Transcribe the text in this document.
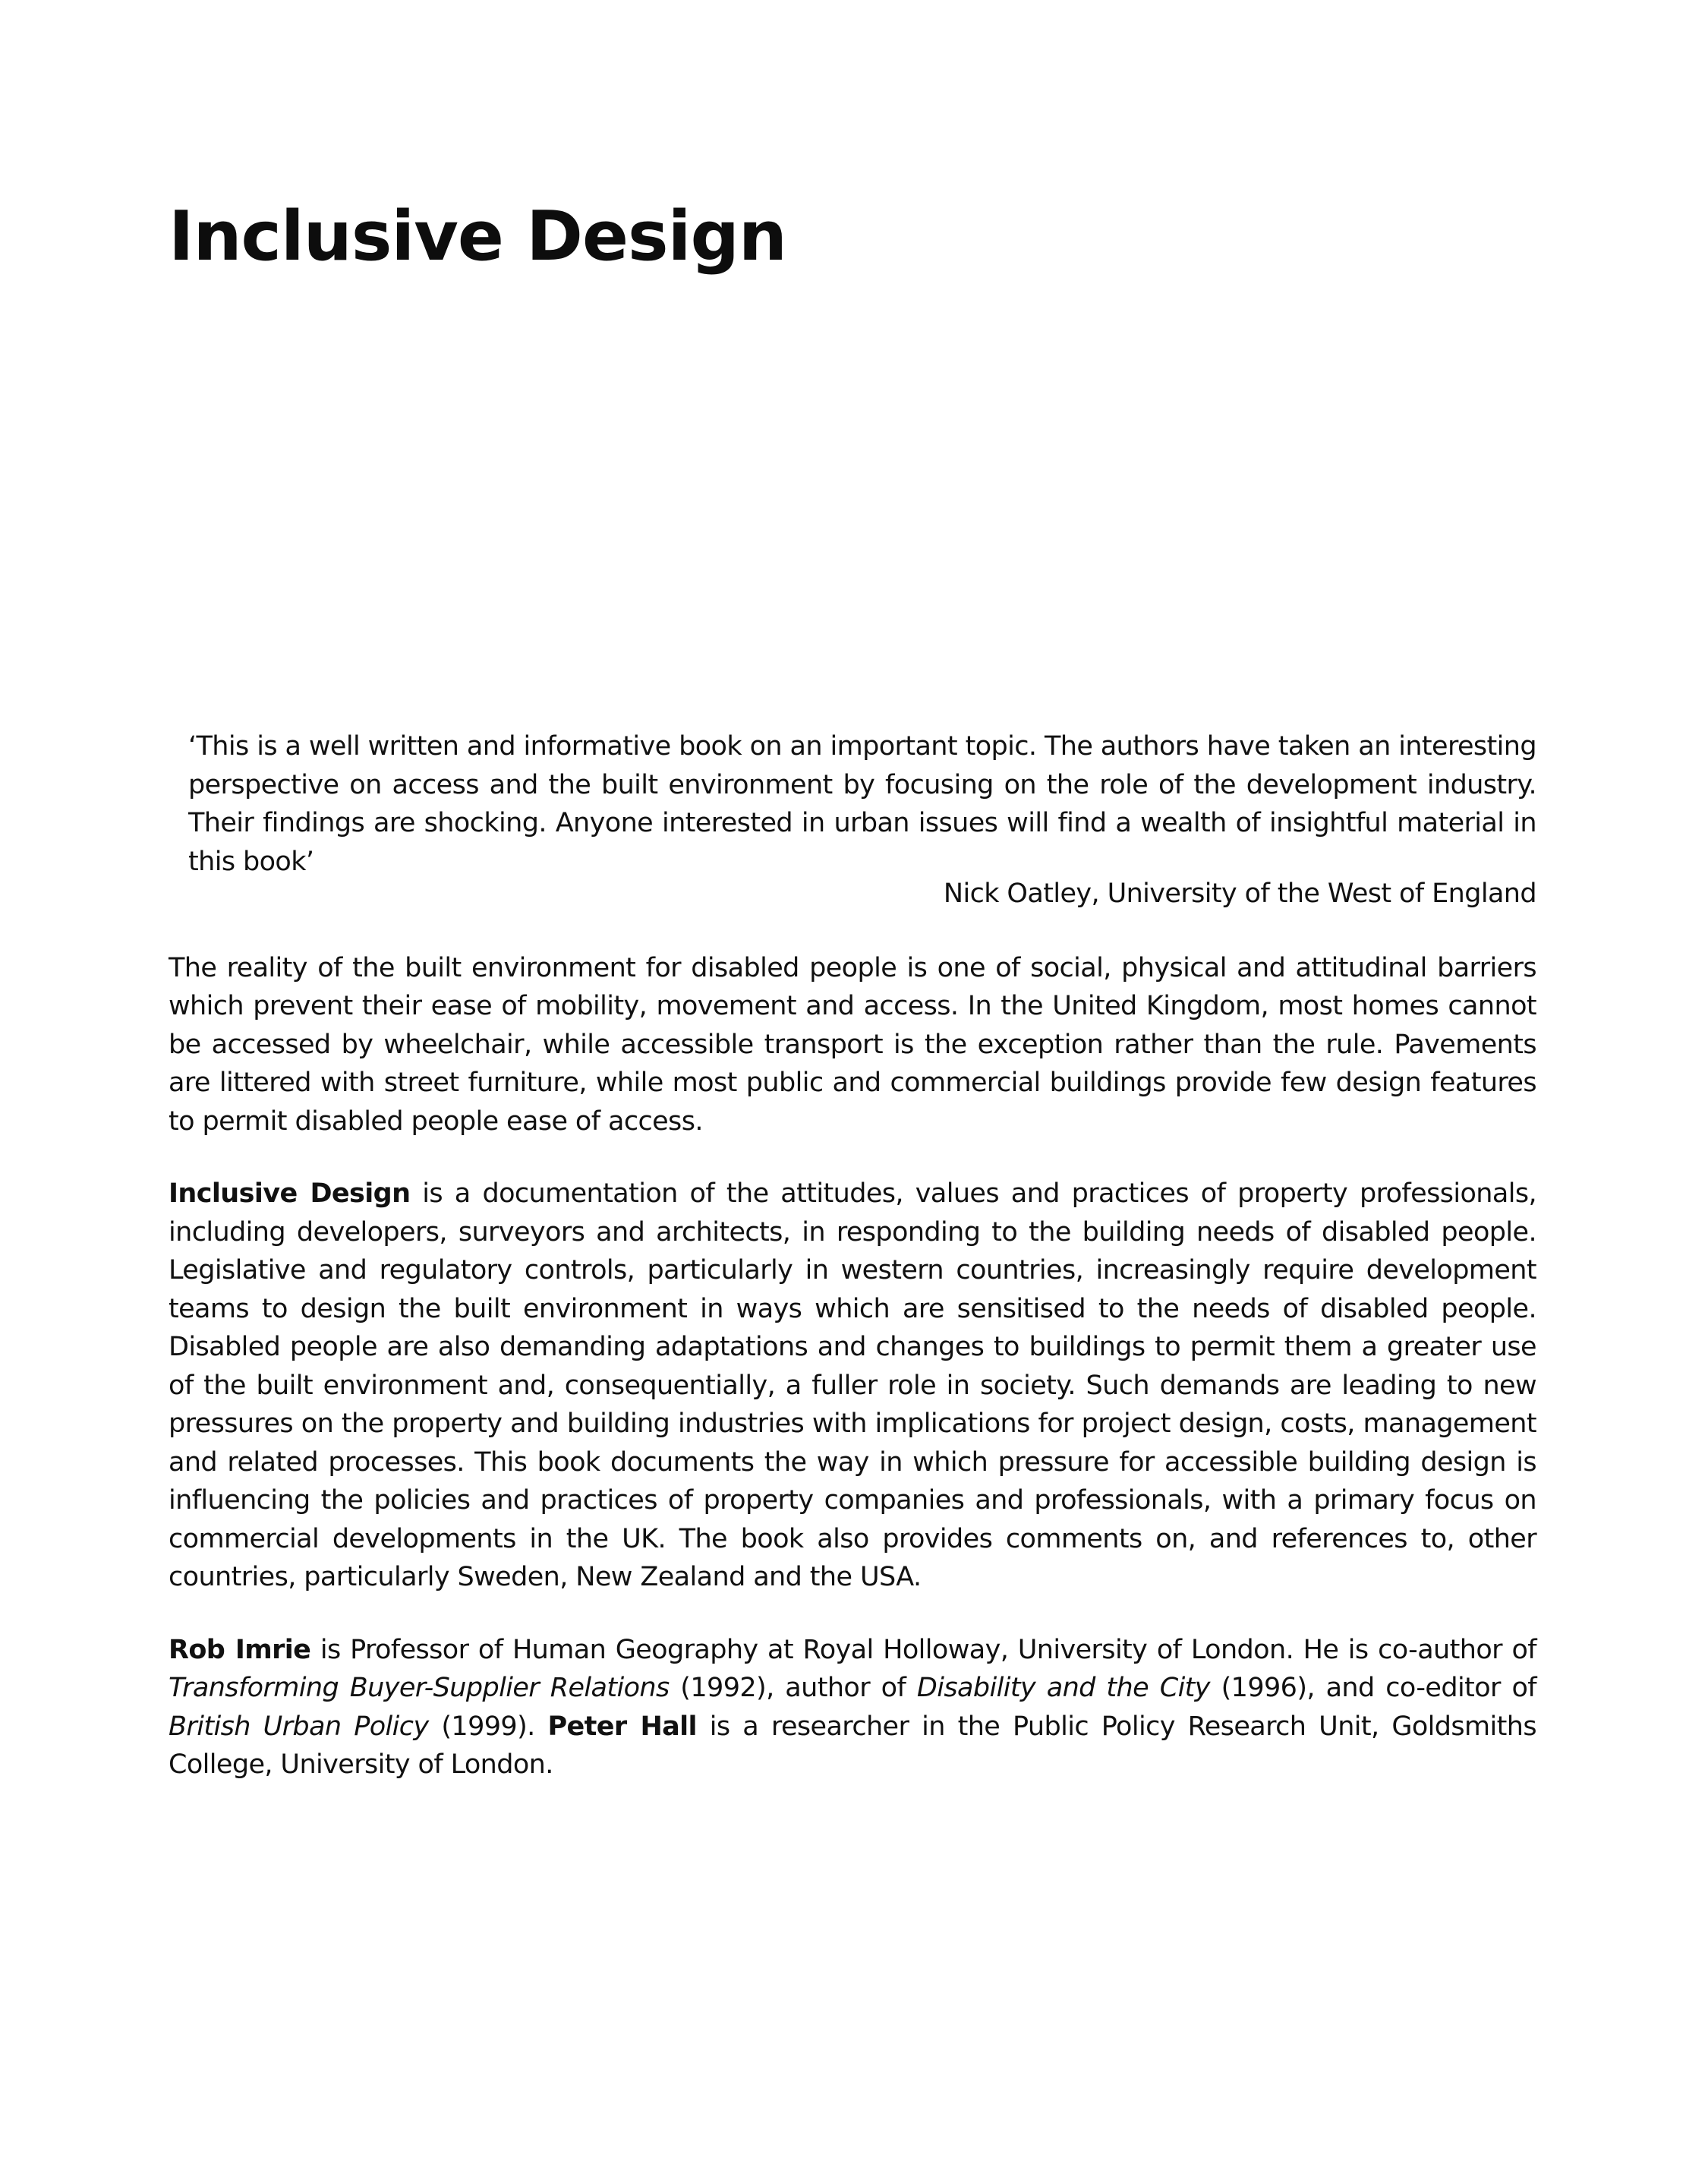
Inclusive Design

‘This is a well written and informative book on an important topic. The authors have taken an interesting perspective on access and the built environment by focusing on the role of the development industry. Their findings are shocking. Anyone interested in urban issues will find a wealth of insightful material in this book’

Nick Oatley, University of the West of England

The reality of the built environment for disabled people is one of social, physical and attitudinal barriers which prevent their ease of mobility, movement and access. In the United Kingdom, most homes cannot be accessed by wheelchair, while accessible transport is the exception rather than the rule. Pavements are littered with street furniture, while most public and commercial buildings provide few design features to permit disabled people ease of access.

Inclusive Design is a documentation of the attitudes, values and practices of property professionals, including developers, surveyors and architects, in responding to the building needs of disabled people. Legislative and regulatory controls, particularly in western countries, increasingly require development teams to design the built environment in ways which are sensitised to the needs of disabled people. Disabled people are also demanding adaptations and changes to buildings to permit them a greater use of the built environment and, consequentially, a fuller role in society. Such demands are leading to new pressures on the property and building industries with implications for project design, costs, management and related processes. This book documents the way in which pressure for accessible building design is influencing the policies and practices of property companies and professionals, with a primary focus on commercial developments in the UK. The book also provides comments on, and references to, other countries, particularly Sweden, New Zealand and the USA.

Rob Imrie is Professor of Human Geography at Royal Holloway, University of London. He is co-author of Transforming Buyer-Supplier Relations (1992), author of Disability and the City (1996), and co-editor of British Urban Policy (1999). Peter Hall is a researcher in the Public Policy Research Unit, Goldsmiths College, University of London.
